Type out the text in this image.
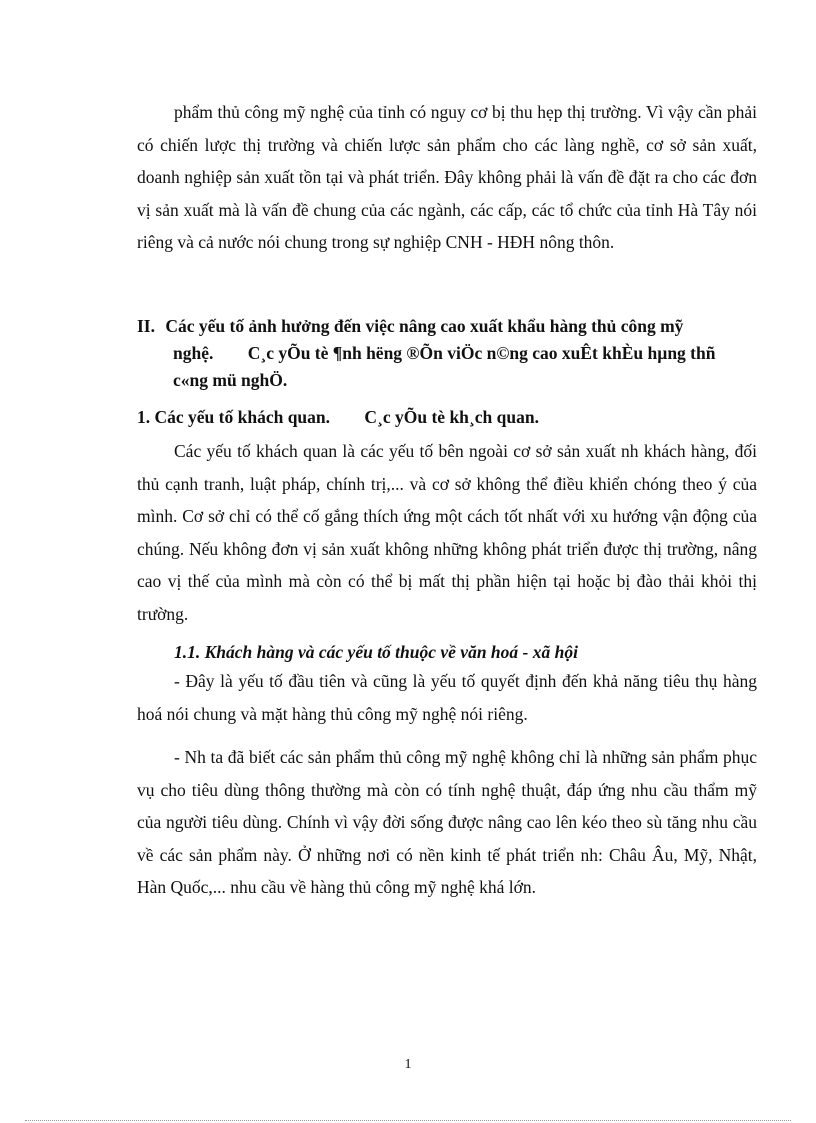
phẩm thủ công mỹ nghệ của tỉnh có nguy cơ bị thu hẹp thị trường. Vì vậy cần phải có chiến lược thị trường và chiến lược sản phẩm cho các làng nghề, cơ sở sản xuất, doanh nghiệp sản xuất tồn tại và phát triển. Đây không phải là vấn đề đặt ra cho các đơn vị sản xuất mà là vấn đề chung của các ngành, các cấp, các tổ chức của tỉnh Hà Tây nói riêng và cả nước nói chung trong sự nghiệp CNH - HĐH nông thôn.

II. Các yếu tố ảnh hưởng đến việc nâng cao xuất khẩu hàng thủ công mỹ
nghệ. C¸c yÕu tè ¶nh hëng ®Õn viÖc n©ng cao xuÊt khÈu hµng thñ
c«ng mü nghÖ.
1. Các yếu tố khách quan. C¸c yÕu tè kh¸ch quan.

Các yếu tố khách quan là các yếu tố bên ngoài cơ sở sản xuất nh khách hàng, đối thủ cạnh tranh, luật pháp, chính trị,... và cơ sở không thể điều khiển chóng theo ý của mình. Cơ sở chỉ có thể cố gắng thích ứng một cách tốt nhất với xu hướng vận động của chúng. Nếu không đơn vị sản xuất không những không phát triển được thị trường, nâng cao vị thế của mình mà còn có thể bị mất thị phần hiện tại hoặc bị đào thải khỏi thị trường.

1.1. Khách hàng và các yếu tố thuộc về văn hoá - xã hội

- Đây là yếu tố đầu tiên và cũng là yếu tố quyết định đến khả năng tiêu thụ hàng hoá nói chung và mặt hàng thủ công mỹ nghệ nói riêng.

- Nh ta đã biết các sản phẩm thủ công mỹ nghệ không chỉ là những sản phẩm phục vụ cho tiêu dùng thông thường mà còn có tính nghệ thuật, đáp ứng nhu cầu thẩm mỹ của người tiêu dùng. Chính vì vậy đời sống được nâng cao lên kéo theo sù tăng nhu cầu về các sản phẩm này. Ở những nơi có nền kinh tế phát triển nh: Châu Âu, Mỹ, Nhật, Hàn Quốc,... nhu cầu về hàng thủ công mỹ nghệ khá lớn.

1
